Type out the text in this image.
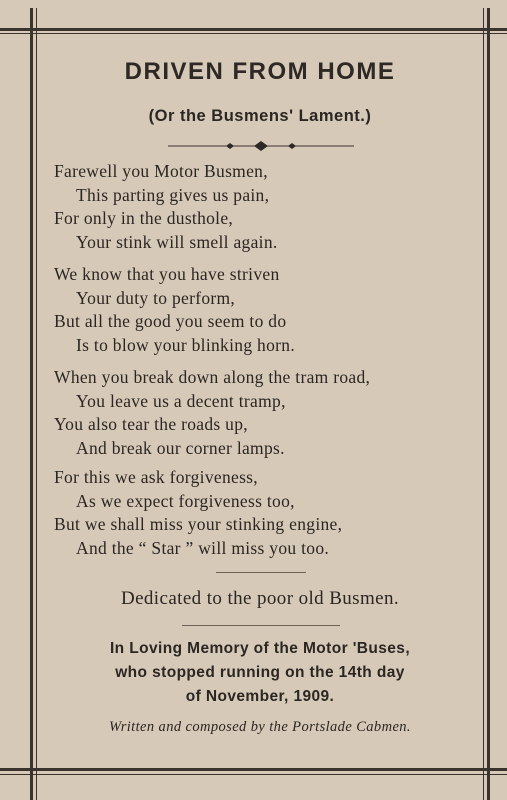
DRIVEN FROM HOME
(Or the Busmens' Lament.)
Farewell you Motor Busmen,
This parting gives us pain,
For only in the dusthole,
Your stink will smell again.
We know that you have striven
Your duty to perform,
But all the good you seem to do
Is to blow your blinking horn.
When you break down along the tram road,
You leave us a decent tramp,
You also tear the roads up,
And break our corner lamps.
For this we ask forgiveness,
As we expect forgiveness too,
But we shall miss your stinking engine,
And the “ Star ” will miss you too.
Dedicated to the poor old Busmen.
In Loving Memory of the Motor 'Buses,
who stopped running on the 14th day
of November, 1909.
Written and composed by the Portslade Cabmen.
